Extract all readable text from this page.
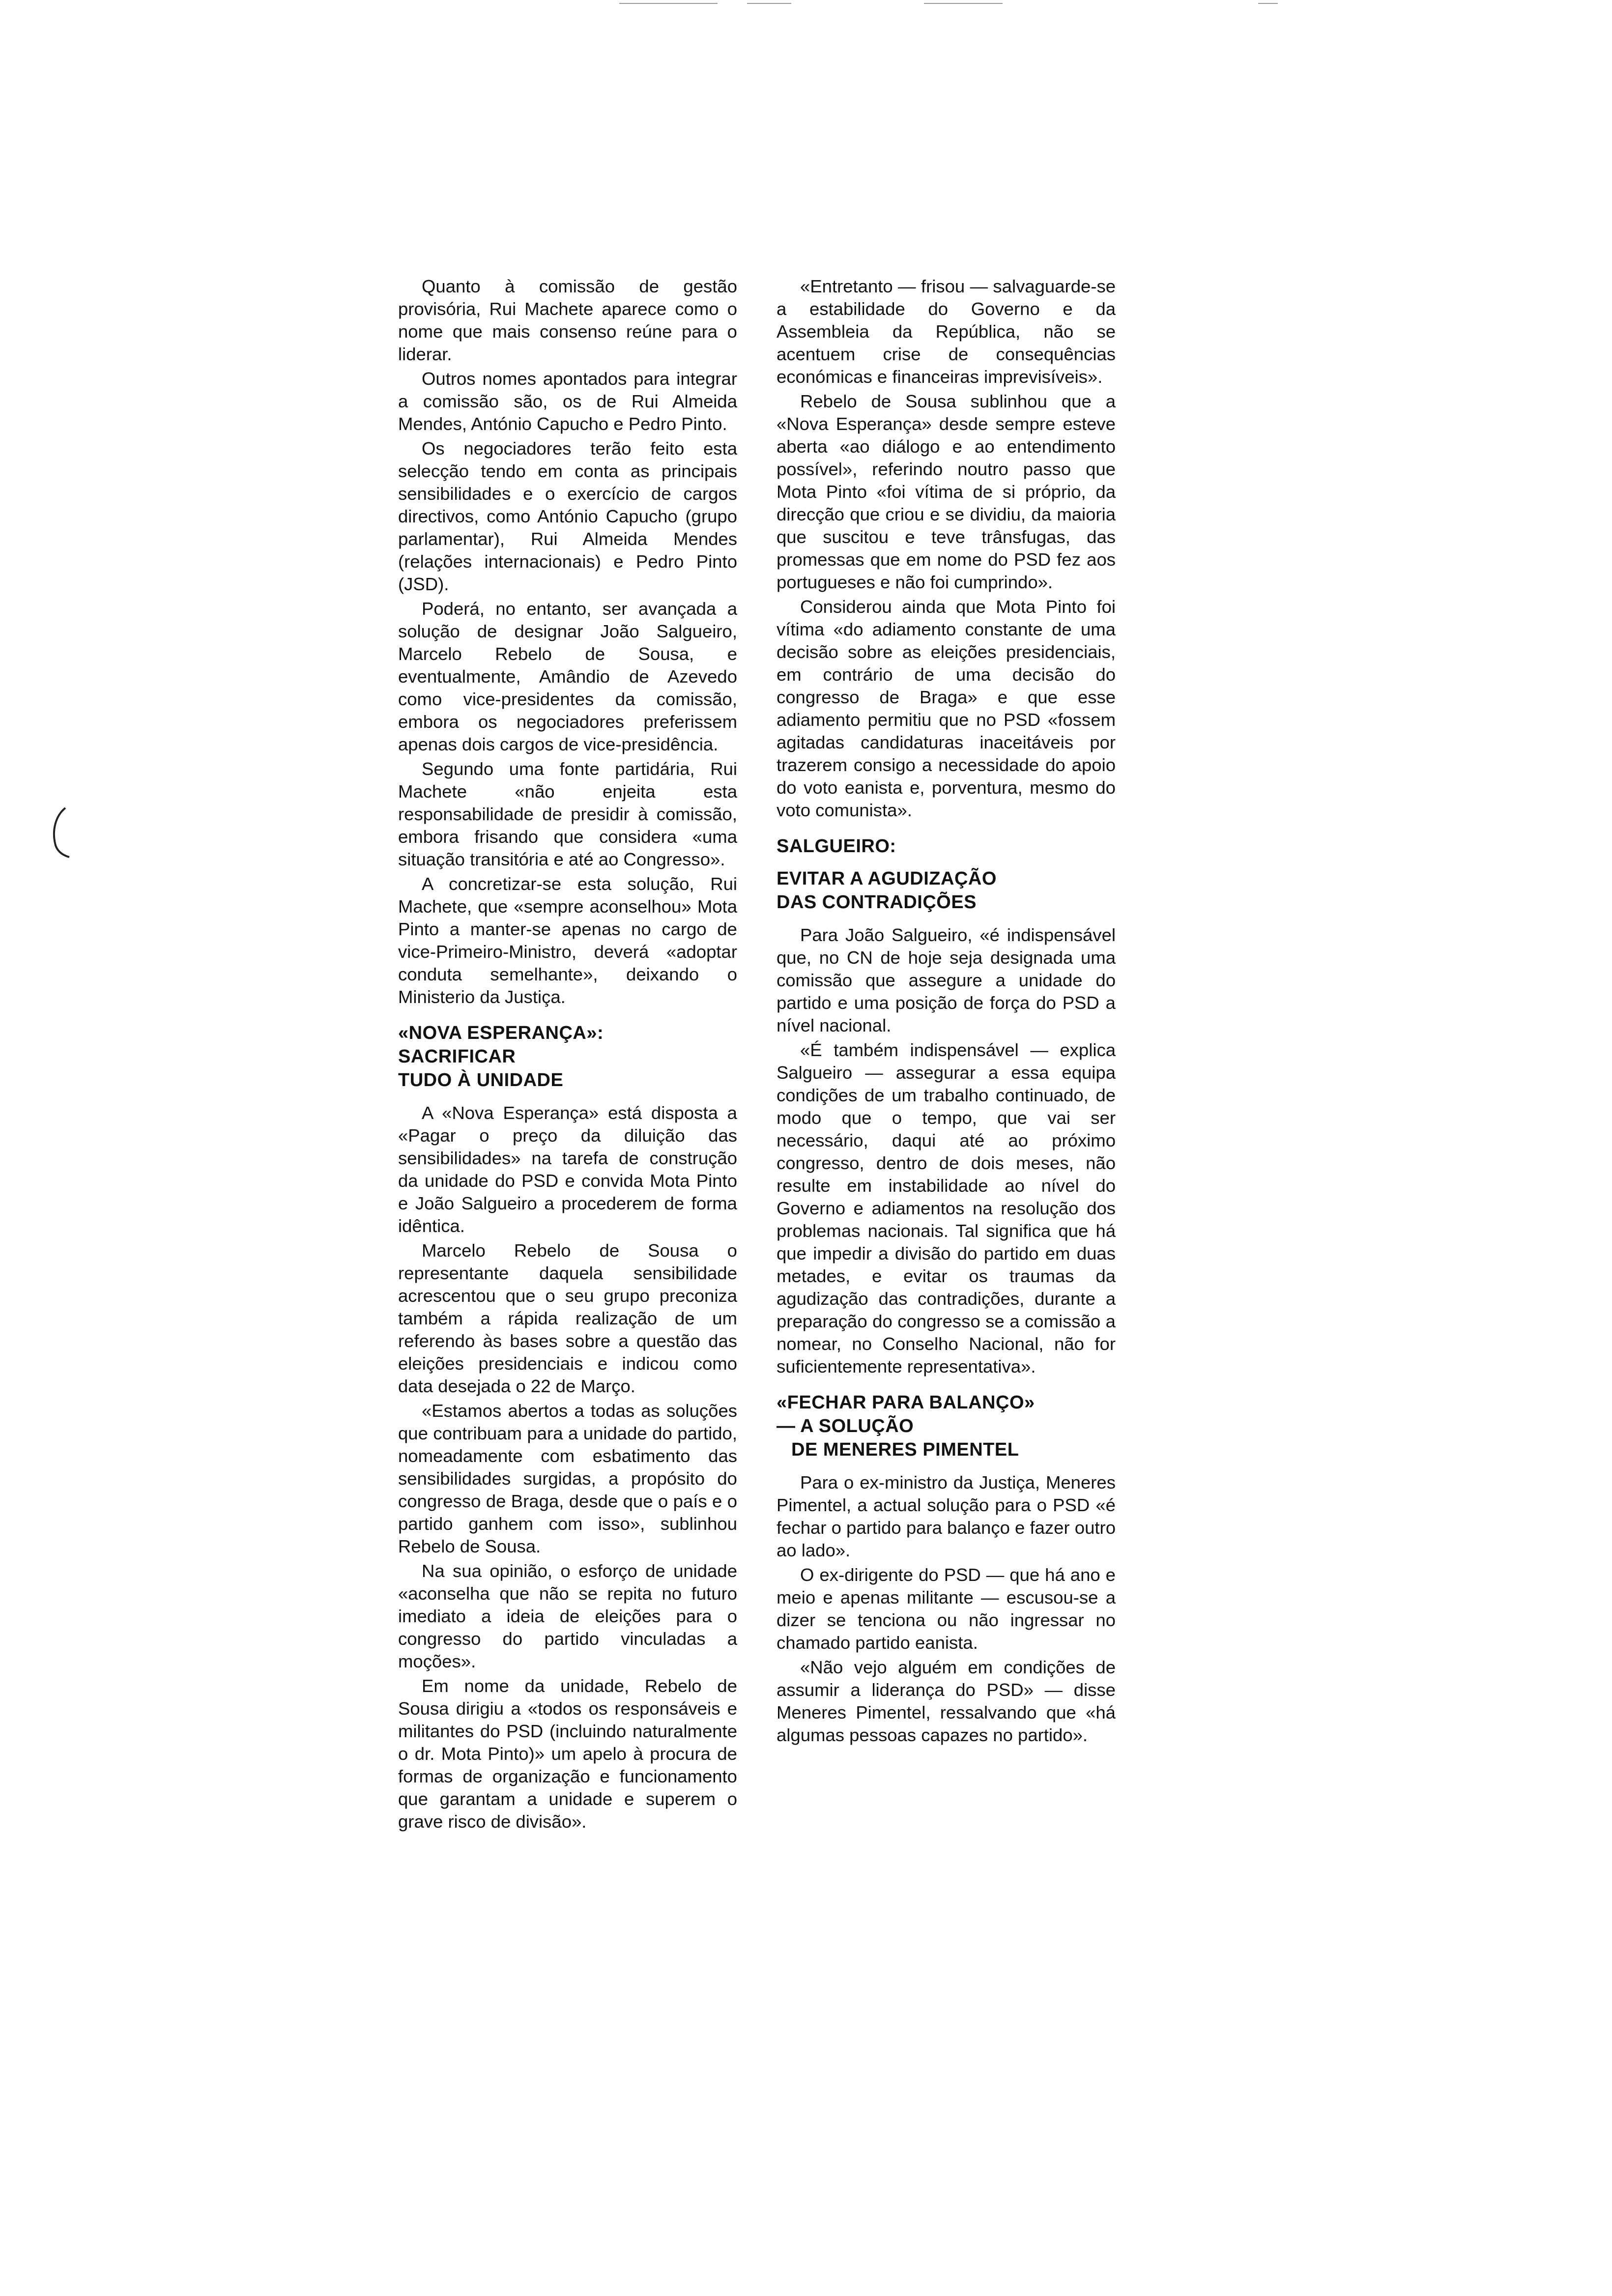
Quanto à comissão de gestão provisória, Rui Machete aparece como o nome que mais consenso reúne para o liderar.

Outros nomes apontados para integrar a comissão são, os de Rui Almeida Mendes, António Capucho e Pedro Pinto.

Os negociadores terão feito esta selecção tendo em conta as principais sensibilidades e o exercício de cargos directivos, como António Capucho (grupo parlamentar), Rui Almeida Mendes (relações internacionais) e Pedro Pinto (JSD).

Poderá, no entanto, ser avançada a solução de designar João Salgueiro, Marcelo Rebelo de Sousa, e eventualmente, Amândio de Azevedo como vice-presidentes da comissão, embora os negociadores preferissem apenas dois cargos de vice-presidência.

Segundo uma fonte partidária, Rui Machete «não enjeita esta responsabilidade de presidir à comissão, embora frisando que considera «uma situação transitória e até ao Congresso».

A concretizar-se esta solução, Rui Machete, que «sempre aconselhou» Mota Pinto a manter-se apenas no cargo de vice-Primeiro-Ministro, deverá «adoptar conduta semelhante», deixando o Ministerio da Justiça.

«NOVA ESPERANÇA»:
SACRIFICAR
TUDO À UNIDADE

A «Nova Esperança» está disposta a «Pagar o preço da diluição das sensibilidades» na tarefa de construção da unidade do PSD e convida Mota Pinto e João Salgueiro a procederem de forma idêntica.

Marcelo Rebelo de Sousa o representante daquela sensibilidade acrescentou que o seu grupo preconiza também a rápida realização de um referendo às bases sobre a questão das eleições presidenciais e indicou como data desejada o 22 de Março.

«Estamos abertos a todas as soluções que contribuam para a unidade do partido, nomeadamente com esbatimento das sensibilidades surgidas, a propósito do congresso de Braga, desde que o país e o partido ganhem com isso», sublinhou Rebelo de Sousa.

Na sua opinião, o esforço de unidade «aconselha que não se repita no futuro imediato a ideia de eleições para o congresso do partido vinculadas a moções».

Em nome da unidade, Rebelo de Sousa dirigiu a «todos os responsáveis e militantes do PSD (incluindo naturalmente o dr. Mota Pinto)» um apelo à procura de formas de organização e funcionamento que garantam a unidade e superem o grave risco de divisão».

«Entretanto — frisou — salvaguarde-se a estabilidade do Governo e da Assembleia da República, não se acentuem crise de consequências económicas e financeiras imprevisíveis».

Rebelo de Sousa sublinhou que a «Nova Esperança» desde sempre esteve aberta «ao diálogo e ao entendimento possível», referindo noutro passo que Mota Pinto «foi vítima de si próprio, da direcção que criou e se dividiu, da maioria que suscitou e teve trânsfugas, das promessas que em nome do PSD fez aos portugueses e não foi cumprindo».

Considerou ainda que Mota Pinto foi vítima «do adiamento constante de uma decisão sobre as eleições presidenciais, em contrário de uma decisão do congresso de Braga» e que esse adiamento permitiu que no PSD «fossem agitadas candidaturas inaceitáveis por trazerem consigo a necessidade do apoio do voto eanista e, porventura, mesmo do voto comunista».

SALGUEIRO:
EVITAR A AGUDIZAÇÃO
DAS CONTRADIÇÕES

Para João Salgueiro, «é indispensável que, no CN de hoje seja designada uma comissão que assegure a unidade do partido e uma posição de força do PSD a nível nacional.

«É também indispensável — explica Salgueiro — assegurar a essa equipa condições de um trabalho continuado, de modo que o tempo, que vai ser necessário, daqui até ao próximo congresso, dentro de dois meses, não resulte em instabilidade ao nível do Governo e adiamentos na resolução dos problemas nacionais. Tal significa que há que impedir a divisão do partido em duas metades, e evitar os traumas da agudização das contradições, durante a preparação do congresso se a comissão a nomear, no Conselho Nacional, não for suficientemente representativa».

«FECHAR PARA BALANÇO»
— A SOLUÇÃO
DE MENERES PIMENTEL

Para o ex-ministro da Justiça, Meneres Pimentel, a actual solução para o PSD «é fechar o partido para balanço e fazer outro ao lado».

O ex-dirigente do PSD — que há ano e meio e apenas militante — escusou-se a dizer se tenciona ou não ingressar no chamado partido eanista.

«Não vejo alguém em condições de assumir a liderança do PSD» — disse Meneres Pimentel, ressalvando que «há algumas pessoas capazes no partido».
